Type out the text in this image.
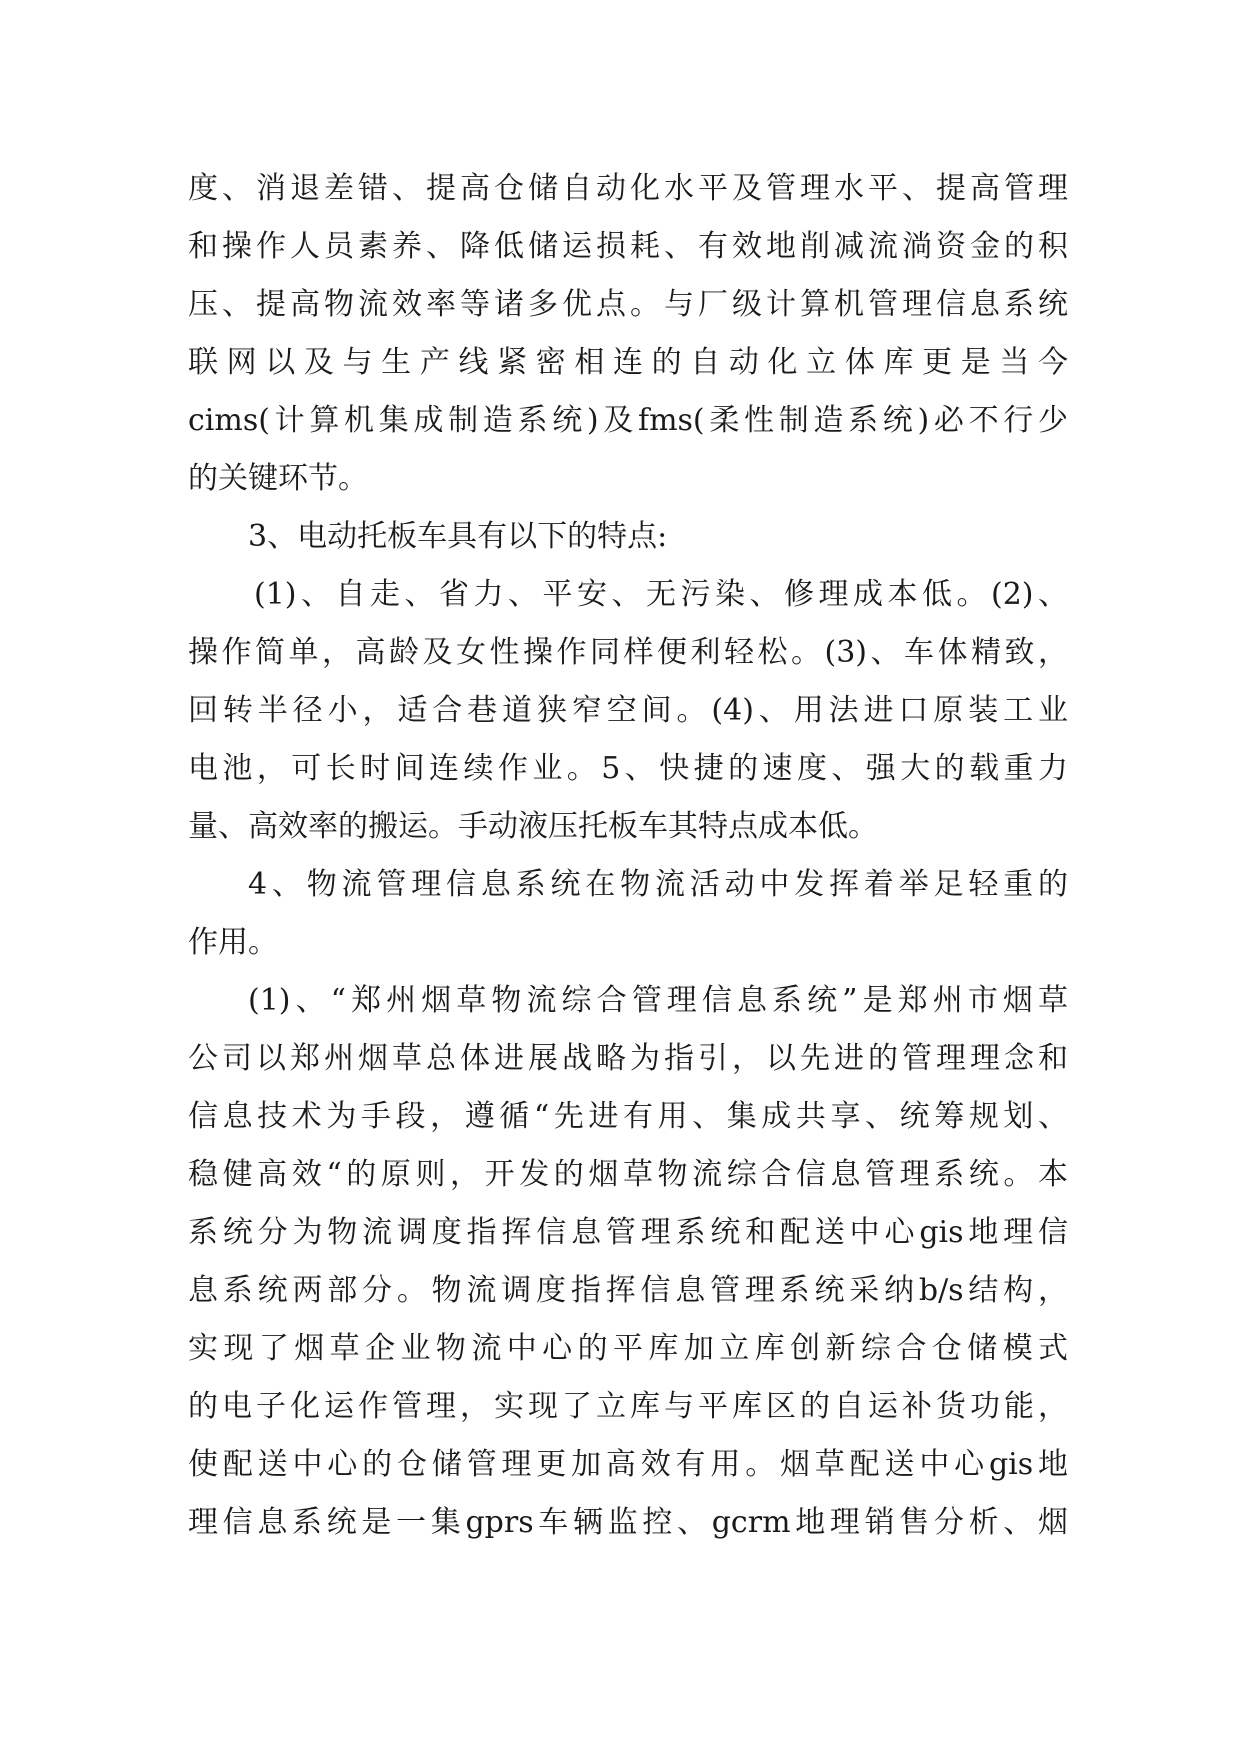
度、消退差错、提高仓储自动化水平及管理水平、提高管理
和操作人员素养、降低储运损耗、有效地削减流淌资金的积
压、提高物流效率等诸多优点。与厂级计算机管理信息系统
联网以及与生产线紧密相连的自动化立体库更是当今
cims(计算机集成制造系统)及fms(柔性制造系统)必不行少
的关键环节。
3、电动托板车具有以下的特点:
(1)、自走、省力、平安、无污染、修理成本低。(2)、
操作简单，高龄及女性操作同样便利轻松。(3)、车体精致，
回转半径小，适合巷道狭窄空间。(4)、用法进口原装工业
电池，可长时间连续作业。5、快捷的速度、强大的载重力
量、高效率的搬运。手动液压托板车其特点成本低。
4、物流管理信息系统在物流活动中发挥着举足轻重的
作用。
(1)、“郑州烟草物流综合管理信息系统”是郑州市烟草
公司以郑州烟草总体进展战略为指引，以先进的管理理念和
信息技术为手段，遵循“先进有用、集成共享、统筹规划、
稳健高效“的原则，开发的烟草物流综合信息管理系统。本
系统分为物流调度指挥信息管理系统和配送中心gis地理信
息系统两部分。物流调度指挥信息管理系统采纳b/s结构，
实现了烟草企业物流中心的平库加立库创新综合仓储模式
的电子化运作管理，实现了立库与平库区的自运补货功能，
使配送中心的仓储管理更加高效有用。烟草配送中心gis地
理信息系统是一集gprs车辆监控、gcrm地理销售分析、烟
